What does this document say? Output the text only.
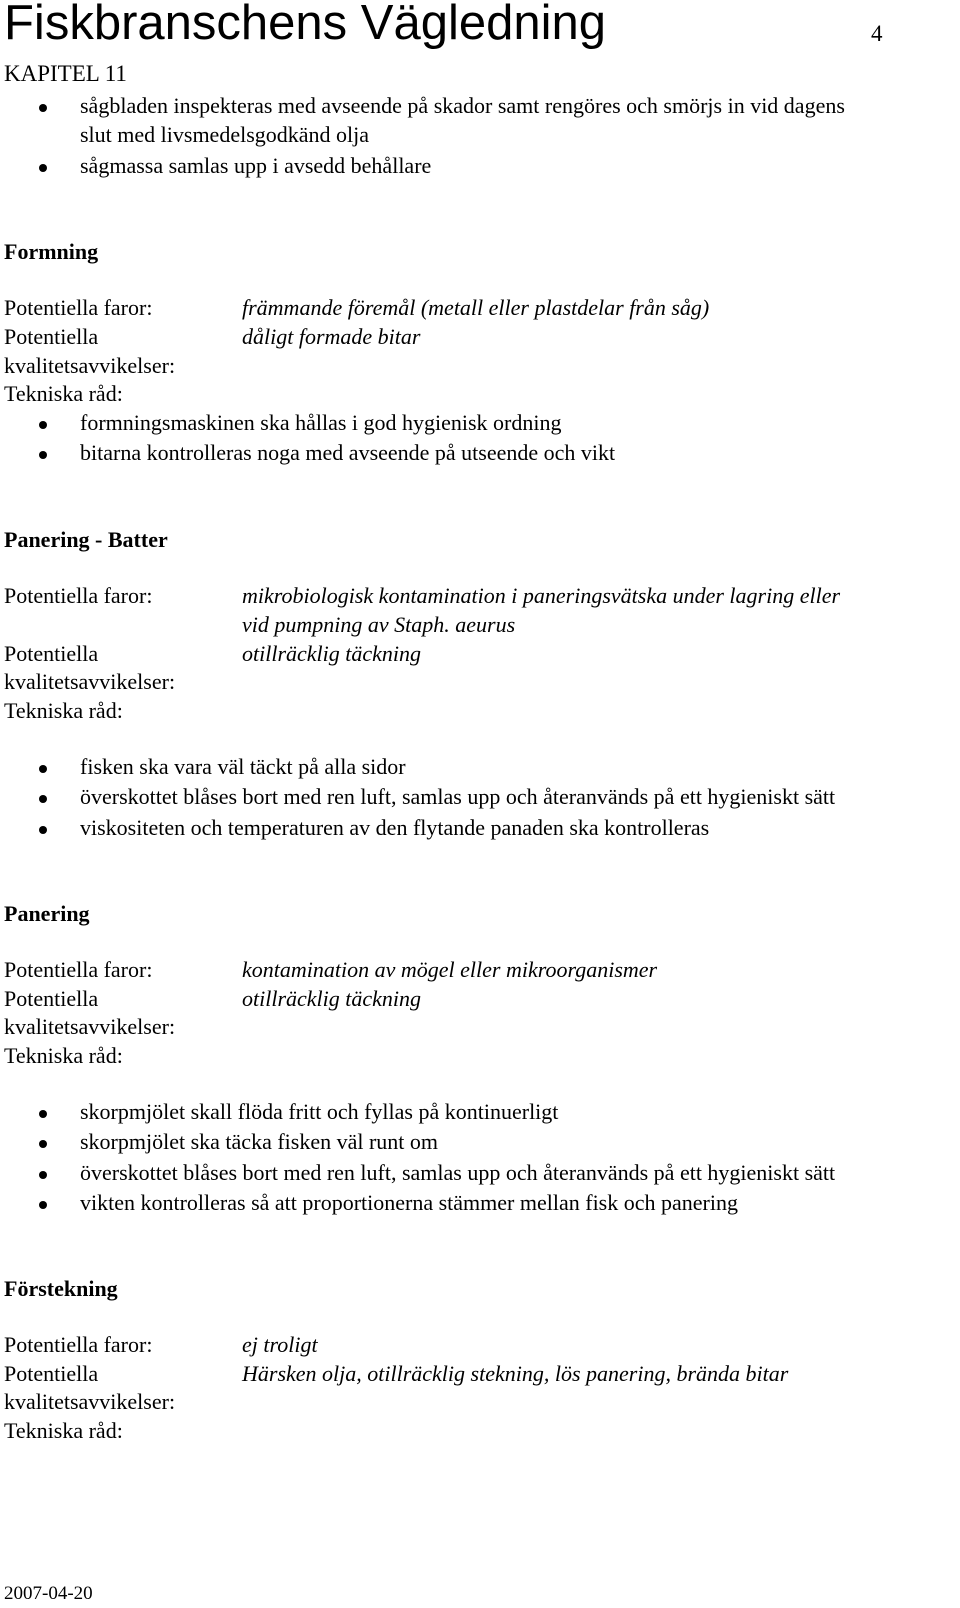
Fiskbranschens Vägledning	4
KAPITEL 11
sågbladen inspekteras med avseende på skador samt rengöres och smörjs in vid dagens
slut med livsmedelsgodkänd olja
sågmassa samlas upp i avsedd behållare
Formning
Potentiella faror:	främmande föremål (metall eller plastdelar från såg)
Potentiella	dåligt formade bitar
kvalitetsavvikelser:
Tekniska råd:
formningsmaskinen ska hållas i god hygienisk ordning
bitarna kontrolleras noga med avseende på utseende och vikt
Panering - Batter
Potentiella faror:	mikrobiologisk kontamination i paneringsvätska under lagring eller
vid pumpning av Staph. aeurus
Potentiella	otillräcklig täckning
kvalitetsavvikelser:
Tekniska råd:
fisken ska vara väl täckt på alla sidor
överskottet blåses bort med ren luft, samlas upp och återanvänds på ett hygieniskt sätt
viskositeten och temperaturen av den flytande panaden ska kontrolleras
Panering
Potentiella faror:	kontamination av mögel eller mikroorganismer
Potentiella	otillräcklig täckning
kvalitetsavvikelser:
Tekniska råd:
skorpmjölet skall flöda fritt och fyllas på kontinuerligt
skorpmjölet ska täcka fisken väl runt om
överskottet blåses bort med ren luft, samlas upp och återanvänds på ett hygieniskt sätt
vikten kontrolleras så att proportionerna stämmer mellan fisk och panering
Förstekning
Potentiella faror:	ej troligt
Potentiella	Härsken olja, otillräcklig stekning, lös panering, brända bitar
kvalitetsavvikelser:
Tekniska råd:
2007-04-20
